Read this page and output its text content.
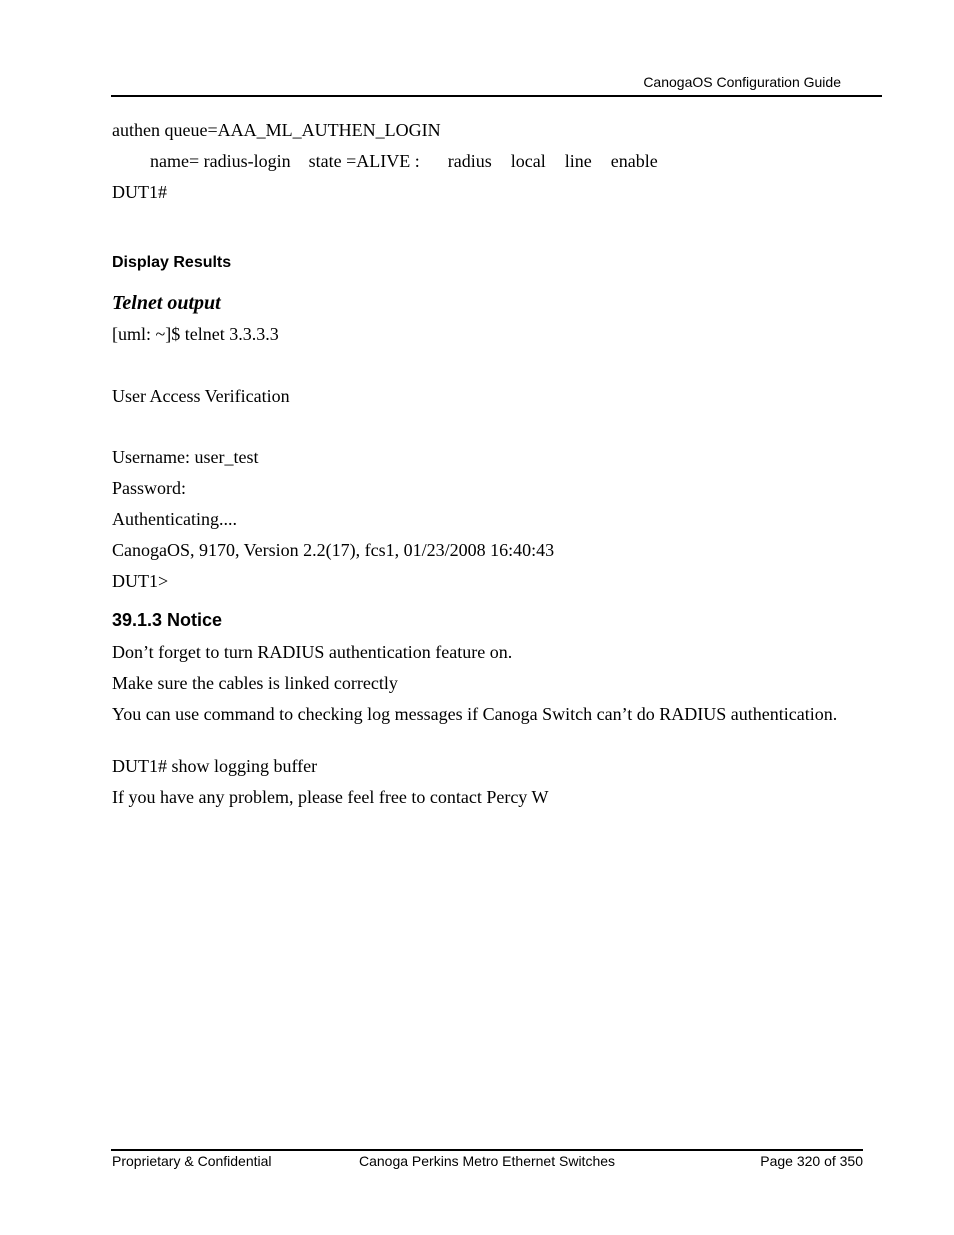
CanogaOS Configuration Guide
authen queue=AAA_ML_AUTHEN_LOGIN
name= radius-login state =ALIVE : radius local line enable
DUT1#
Display Results
Telnet output
[uml: ~]$ telnet 3.3.3.3
User Access Verification
Username: user_test
Password:
Authenticating....
CanogaOS, 9170, Version 2.2(17), fcs1, 01/23/2008 16:40:43
DUT1>
39.1.3 Notice
Don’t forget to turn RADIUS authentication feature on.
Make sure the cables is linked correctly
You can use command to checking log messages if Canoga Switch can’t do RADIUS authentication.
DUT1# show logging buffer
If you have any problem, please feel free to contact Percy W
Proprietary & Confidential	Canoga Perkins Metro Ethernet Switches	Page 320 of 350
